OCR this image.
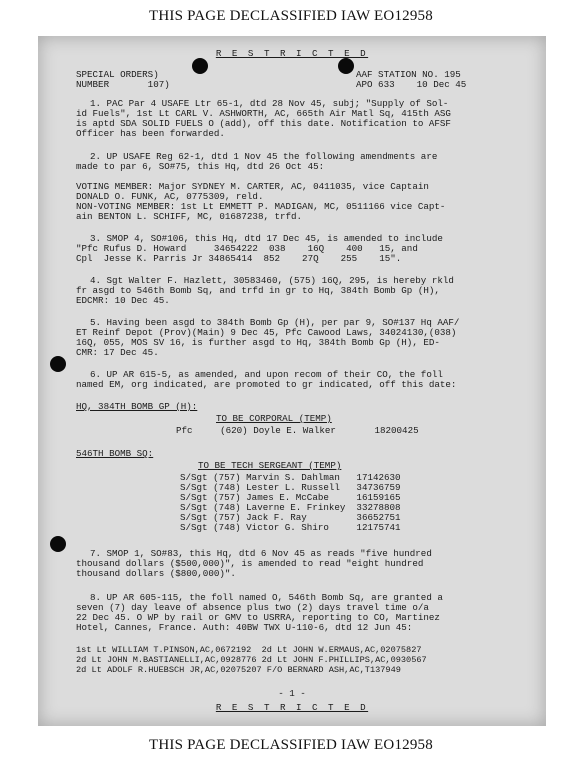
THIS PAGE DECLASSIFIED IAW EO12958
R E S T R I C T E D
SPECIAL ORDERS)
NUMBER       107)
AAF STATION NO. 195
APO 633    10 Dec 45
1. PAC Par 4 USAFE Ltr 65-1, dtd 28 Nov 45, subj; "Supply of Sol-
id Fuels", 1st Lt CARL V. ASHWORTH, AC, 665th Air Matl Sq, 415th ASG
is aptd SDA SOLID FUELS O (add), off this date. Notification to AFSF
Officer has been forwarded.
2. UP USAFE Reg 62-1, dtd 1 Nov 45 the following amendments are
made to par 6, SO#75, this Hq, dtd 26 Oct 45:
VOTING MEMBER: Major SYDNEY M. CARTER, AC, 0411035, vice Captain
DONALD O. FUNK, AC, 0775309, reld.
NON-VOTING MEMBER: 1st Lt EMMETT P. MADIGAN, MC, 0511166 vice Capt-
ain BENTON L. SCHIFF, MC, 01687238, trfd.
3. SMOP 4, SO#106, this Hq, dtd 17 Dec 45, is amended to include
"Pfc Rufus D. Howard     34654222  038    16Q    400   15, and
Cpl  Jesse K. Parris Jr 34865414  852    27Q    255    15".
4. Sgt Walter F. Hazlett, 30583460, (575) 16Q, 295, is hereby rkld
fr asgd to 546th Bomb Sq, and trfd in gr to Hq, 384th Bomb Gp (H),
EDCMR: 10 Dec 45.
5. Having been asgd to 384th Bomb Gp (H), per par 9, SO#137 Hq AAF/
ET Reinf Depot (Prov)(Main) 9 Dec 45, Pfc Cawood Laws, 34024130,(038)
16Q, 055, MOS SV 16, is further asgd to Hq, 384th Bomb Gp (H), ED-
CMR: 17 Dec 45.
6. UP AR 615-5, as amended, and upon recom of their CO, the foll
named EM, org indicated, are promoted to gr indicated, off this date:
HQ, 384TH BOMB GP (H):
TO BE CORPORAL (TEMP)
Pfc     (620) Doyle E. Walker       18200425
546TH BOMB SQ:
TO BE TECH SERGEANT (TEMP)
S/Sgt (757) Marvin S. Dahlman   17142630
S/Sgt (748) Lester L. Russell   34736759
S/Sgt (757) James E. McCabe     16159165
S/Sgt (748) Laverne E. Frinkey  33278808
S/Sgt (757) Jack F. Ray         36652751
S/Sgt (748) Victor G. Shiro     12175741
7. SMOP 1, SO#83, this Hq, dtd 6 Nov 45 as reads "five hundred
thousand dollars ($500,000)", is amended to read "eight hundred
thousand dollars ($800,000)".
8. UP AR 605-115, the foll named O, 546th Bomb Sq, are granted a
seven (7) day leave of absence plus two (2) days travel time o/a
22 Dec 45. O WP by rail or GMV to USRRA, reporting to CO, Martinez
Hotel, Cannes, France. Auth: 40BW TWX U-110-6, dtd 12 Jun 45:
1st Lt WILLIAM T.PINSON,AC,0672192  2d Lt JOHN W.ERMAUS,AC,02075827
2d Lt JOHN M.BASTIANELLI,AC,0928776 2d Lt JOHN F.PHILLIPS,AC,0930567
2d Lt ADOLF R.HUEBSCH JR,AC,02075207 F/O BERNARD ASH,AC,T137949
- 1 -
R E S T R I C T E D
THIS PAGE DECLASSIFIED IAW EO12958
